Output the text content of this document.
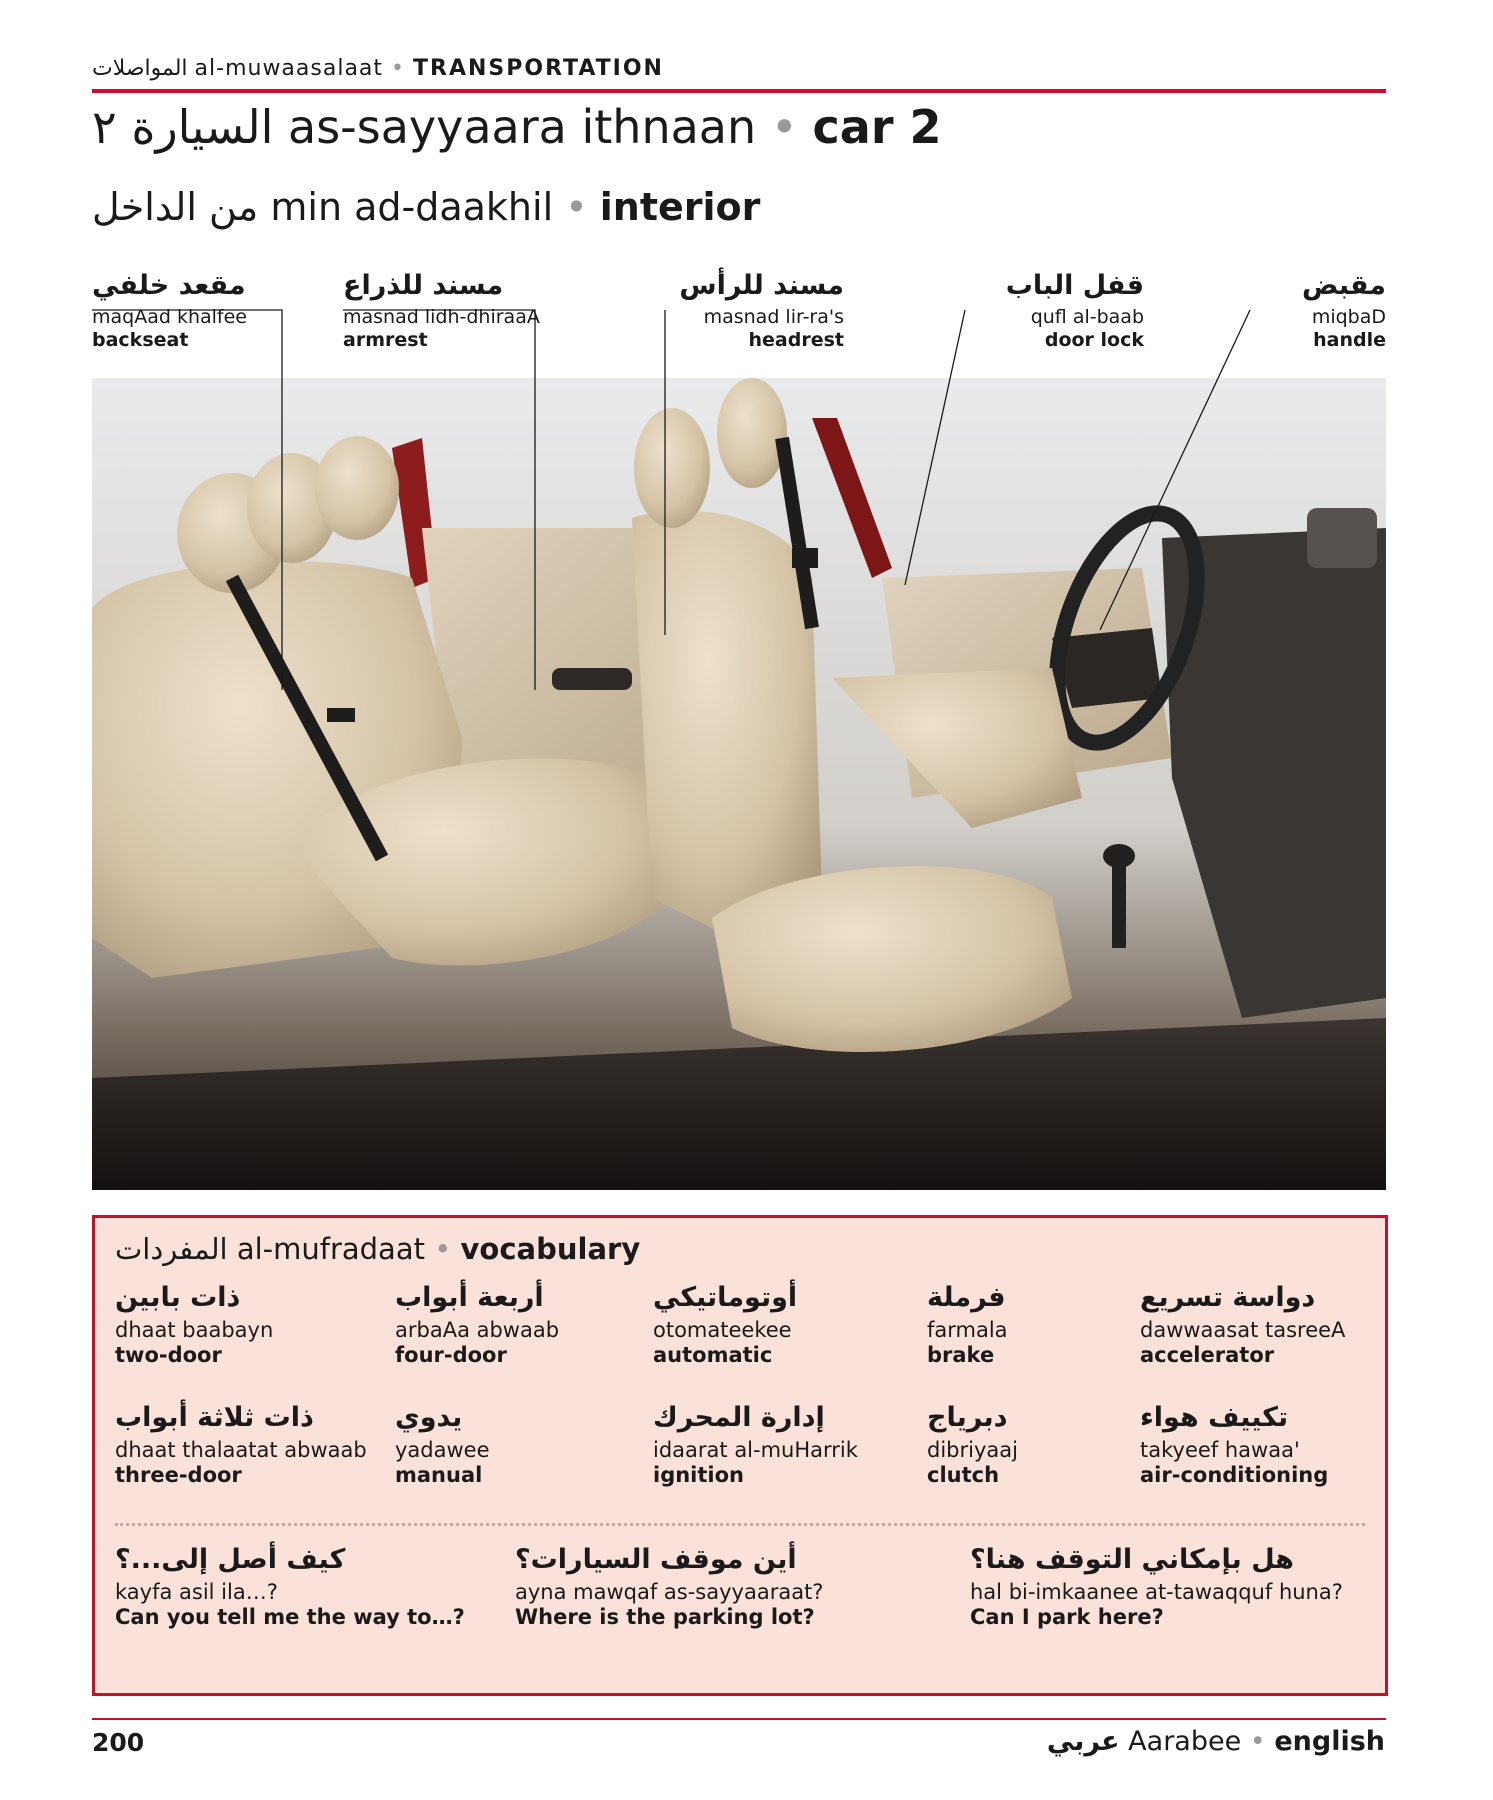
المواصلات al-muwaasalaat • TRANSPORTATION
السيارة ٢ as-sayyaara ithnaan • car 2
من الداخل min ad-daakhil • interior
مقعد خلفي
maqAad khalfee
backseat
مسند للذراع
masnad lidh-dhiraaA
armrest
مسند للرأس
masnad lir-ra's
headrest
قفل الباب
qufl al-baab
door lock
مقبض
miqbaD
handle
المفردات al-mufradaat • vocabulary
ذات بابين
dhaat baabayn
two-door
أربعة أبواب
arbaAa abwaab
four-door
أوتوماتيكي
otomateekee
automatic
فرملة
farmala
brake
دواسة تسريع
dawwaasat tasreeA
accelerator
ذات ثلاثة أبواب
dhaat thalaatat abwaab
three-door
يدوي
yadawee
manual
إدارة المحرك
idaarat al-muHarrik
ignition
دبرياج
dibriyaaj
clutch
تكييف هواء
takyeef hawaa'
air-conditioning
كيف أصل إلى...؟
kayfa asil ila…?
Can you tell me the way to…?
أين موقف السيارات؟
ayna mawqaf as-sayyaaraat?
Where is the parking lot?
هل بإمكاني التوقف هنا؟
hal bi-imkaanee at-tawaqquf huna?
Can I park here?
200	عربي Aarabee • english
